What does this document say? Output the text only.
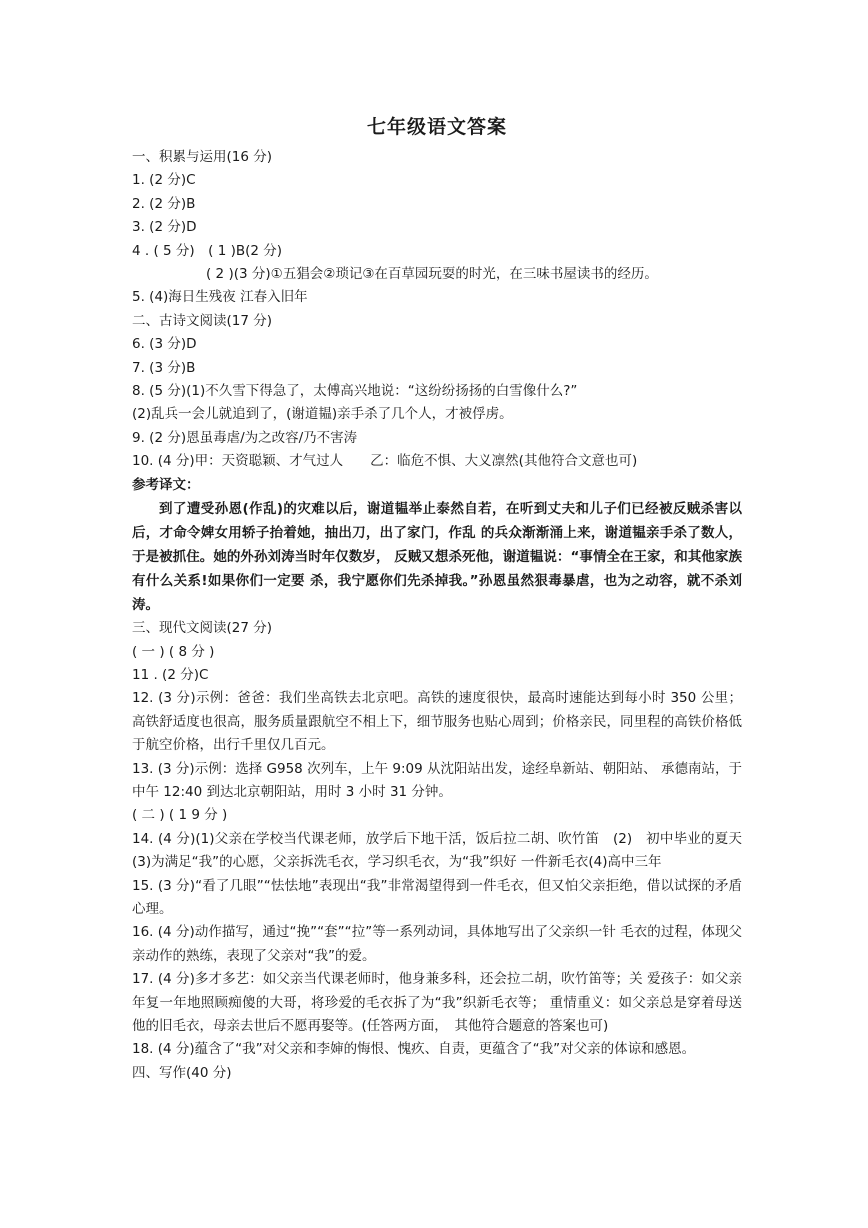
七年级语文答案
一、积累与运用(16 分)
1. (2 分)C
2. (2 分)B
3. (2 分)D
4 . ( 5 分)　( 1 )B(2 分)
( 2 )(3 分)①五猖会②琐记③在百草园玩耍的时光，在三味书屋读书的经历。
5. (4)海日生残夜 江春入旧年
二、古诗文阅读(17 分)
6. (3 分)D
7. (3 分)B
8. (5 分)(1)不久雪下得急了，太傅高兴地说：“这纷纷扬扬的白雪像什么?”
(2)乱兵一会儿就追到了，(谢道韫)亲手杀了几个人，才被俘虏。
9. (2 分)恩虽毒虐/为之改容/乃不害涛
10. (4 分)甲：天资聪颖、才气过人　　乙：临危不惧、大义凛然(其他符合文意也可)
参考译文：
到了遭受孙恩(作乱)的灾难以后，谢道韫举止泰然自若，在听到丈夫和儿子们已经被反贼杀害以后，才命令婢女用轿子抬着她，抽出刀，出了家门，作乱 的兵众渐渐涌上来，谢道韫亲手杀了数人，于是被抓住。她的外孙刘涛当时年仅数岁， 反贼又想杀死他，谢道韫说：“事情全在王家，和其他家族有什么关系!如果你们一定要 杀，我宁愿你们先杀掉我。”孙恩虽然狠毒暴虐，也为之动容，就不杀刘涛。
三、现代文阅读(27 分)
( 一 ) ( 8 分 )
11 . (2 分)C
12. (3 分)示例：爸爸：我们坐高铁去北京吧。高铁的速度很快，最高时速能达到每小时 350 公里；高铁舒适度也很高，服务质量跟航空不相上下，细节服务也贴心周到；价格亲民，同里程的高铁价格低于航空价格，出行千里仅几百元。
13. (3 分)示例：选择 G958 次列车，上午 9:09 从沈阳站出发，途经阜新站、朝阳站、 承德南站，于中午 12:40 到达北京朝阳站，用时 3 小时 31 分钟。
( 二 ) ( 1 9 分 )
14. (4 分)(1)父亲在学校当代课老师，放学后下地干活，饭后拉二胡、吹竹笛　(2)　初中毕业的夏天(3)为满足“我”的心愿，父亲拆洗毛衣，学习织毛衣，为“我”织好 一件新毛衣(4)高中三年
15. (3 分)“看了几眼”“怯怯地”表现出“我”非常渴望得到一件毛衣，但又怕父亲拒绝，借以试探的矛盾心理。
16. (4 分)动作描写，通过“挽”“套”“拉”等一系列动词，具体地写出了父亲织一针 毛衣的过程，体现父亲动作的熟练，表现了父亲对“我”的爱。
17. (4 分)多才多艺：如父亲当代课老师时，他身兼多科，还会拉二胡，吹竹笛等；关 爱孩子：如父亲年复一年地照顾痴傻的大哥，将珍爱的毛衣拆了为“我”织新毛衣等； 重情重义：如父亲总是穿着母送他的旧毛衣，母亲去世后不愿再娶等。(任答两方面，　其他符合题意的答案也可)
18. (4 分)蕴含了“我”对父亲和李婶的悔恨、愧疚、自责，更蕴含了“我”对父亲的体谅和感恩。
四、写作(40 分)
